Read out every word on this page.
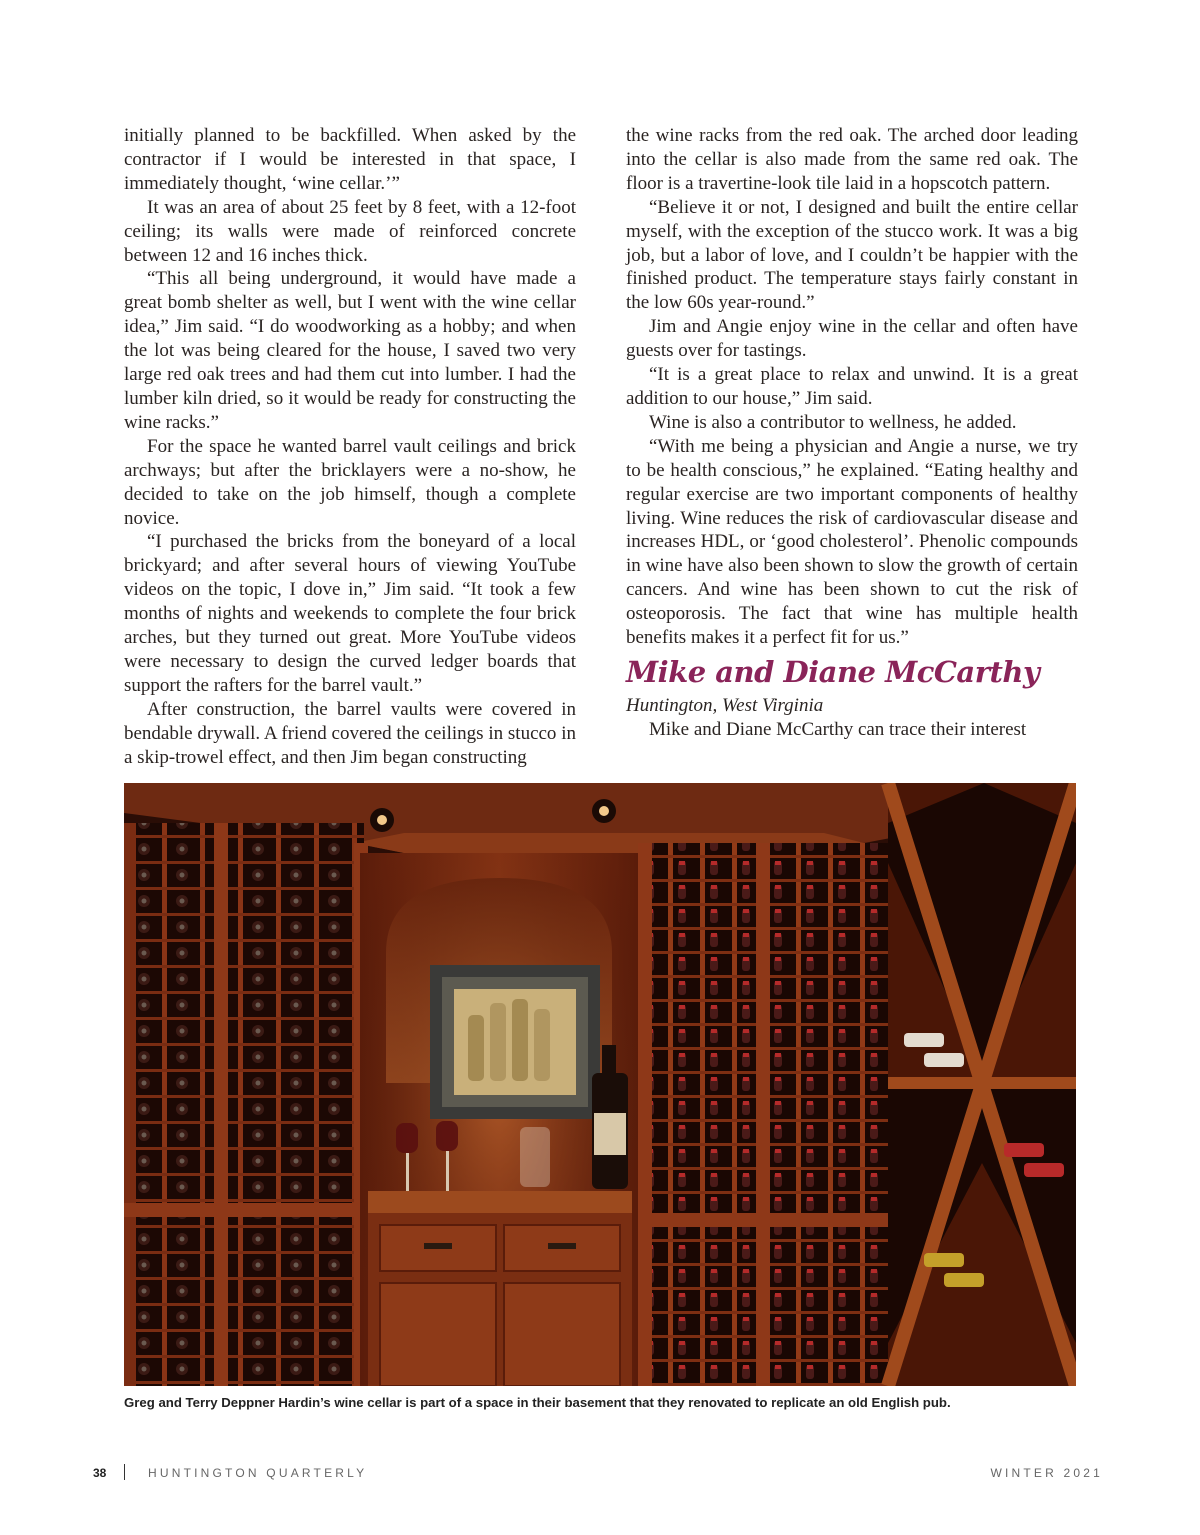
initially planned to be backfilled. When asked by the contractor if I would be interested in that space, I immediately thought, ‘wine cellar.’”

It was an area of about 25 feet by 8 feet, with a 12-foot ceiling; its walls were made of reinforced concrete between 12 and 16 inches thick.

“This all being underground, it would have made a great bomb shelter as well, but I went with the wine cellar idea,” Jim said. “I do woodworking as a hobby; and when the lot was being cleared for the house, I saved two very large red oak trees and had them cut into lumber. I had the lumber kiln dried, so it would be ready for constructing the wine racks.”

For the space he wanted barrel vault ceilings and brick archways; but after the bricklayers were a no-show, he decided to take on the job himself, though a complete novice.

“I purchased the bricks from the boneyard of a local brickyard; and after several hours of viewing YouTube videos on the topic, I dove in,” Jim said. “It took a few months of nights and weekends to complete the four brick arches, but they turned out great. More YouTube videos were necessary to design the curved ledger boards that support the rafters for the barrel vault.”

After construction, the barrel vaults were covered in bendable drywall. A friend covered the ceilings in stucco in a skip-trowel effect, and then Jim began constructing

the wine racks from the red oak. The arched door leading into the cellar is also made from the same red oak. The floor is a travertine-look tile laid in a hopscotch pattern.

“Believe it or not, I designed and built the entire cellar myself, with the exception of the stucco work. It was a big job, but a labor of love, and I couldn’t be happier with the finished product. The temperature stays fairly constant in the low 60s year-round.”

Jim and Angie enjoy wine in the cellar and often have guests over for tastings.

“It is a great place to relax and unwind. It is a great addition to our house,” Jim said.

Wine is also a contributor to wellness, he added.

“With me being a physician and Angie a nurse, we try to be health conscious,” he explained. “Eating healthy and regular exercise are two important components of healthy living. Wine reduces the risk of cardiovascular disease and increases HDL, or ‘good cholesterol’. Phenolic compounds in wine have also been shown to slow the growth of certain cancers. And wine has been shown to cut the risk of osteoporosis. The fact that wine has multiple health benefits makes it a perfect fit for us.”

Mike and Diane McCarthy

Huntington, West Virginia

Mike and Diane McCarthy can trace their interest

Greg and Terry Deppner Hardin’s wine cellar is part of a space in their basement that they renovated to replicate an old English pub.
38	HUNTINGTON QUARTERLY	WINTER 2021
